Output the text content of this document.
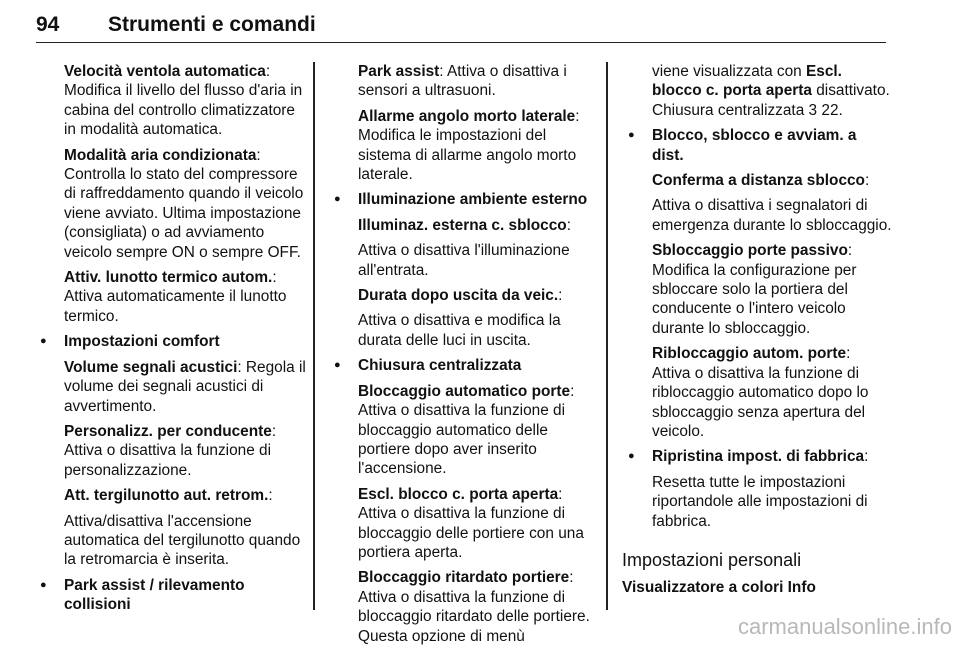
94 Strumenti e comandi

Velocità ventola automatica: Modifica il livello del flusso d'aria in cabina del controllo climatizzatore in modalità automatica.

Modalità aria condizionata: Controlla lo stato del compressore di raffreddamento quando il veicolo viene avviato. Ultima impostazione (consigliata) o ad avviamento veicolo sempre ON o sempre OFF.

Attiv. lunotto termico autom.: Attiva automaticamente il lunotto termico.

● Impostazioni comfort

Volume segnali acustici: Regola il volume dei segnali acustici di avvertimento.

Personalizz. per conducente: Attiva o disattiva la funzione di personalizzazione.

Att. tergilunotto aut. retrom.:

Attiva/disattiva l'accensione automatica del tergilunotto quando la retromarcia è inserita.

● Park assist / rilevamento collisioni

Park assist: Attiva o disattiva i sensori a ultrasuoni.

Allarme angolo morto laterale: Modifica le impostazioni del sistema di allarme angolo morto laterale.

● Illuminazione ambiente esterno

Illuminaz. esterna c. sblocco:

Attiva o disattiva l'illuminazione all'entrata.

Durata dopo uscita da veic.:

Attiva o disattiva e modifica la durata delle luci in uscita.

● Chiusura centralizzata

Bloccaggio automatico porte: Attiva o disattiva la funzione di bloccaggio automatico delle portiere dopo aver inserito l'accensione.

Escl. blocco c. porta aperta: Attiva o disattiva la funzione di bloccaggio delle portiere con una portiera aperta.

Bloccaggio ritardato portiere: Attiva o disattiva la funzione di bloccaggio ritardato delle portiere. Questa opzione di menù

viene visualizzata con Escl. blocco c. porta aperta disattivato. Chiusura centralizzata 3 22.

● Blocco, sblocco e avviam. a dist.

Conferma a distanza sblocco:

Attiva o disattiva i segnalatori di emergenza durante lo sbloccaggio.

Sbloccaggio porte passivo: Modifica la configurazione per sbloccare solo la portiera del conducente o l'intero veicolo durante lo sbloccaggio.

Ribloccaggio autom. porte: Attiva o disattiva la funzione di ribloccaggio automatico dopo lo sbloccaggio senza apertura del veicolo.

● Ripristina impost. di fabbrica:

Resetta tutte le impostazioni riportandole alle impostazioni di fabbrica.

Impostazioni personali
Visualizzatore a colori Info
carmanualsonline.info
